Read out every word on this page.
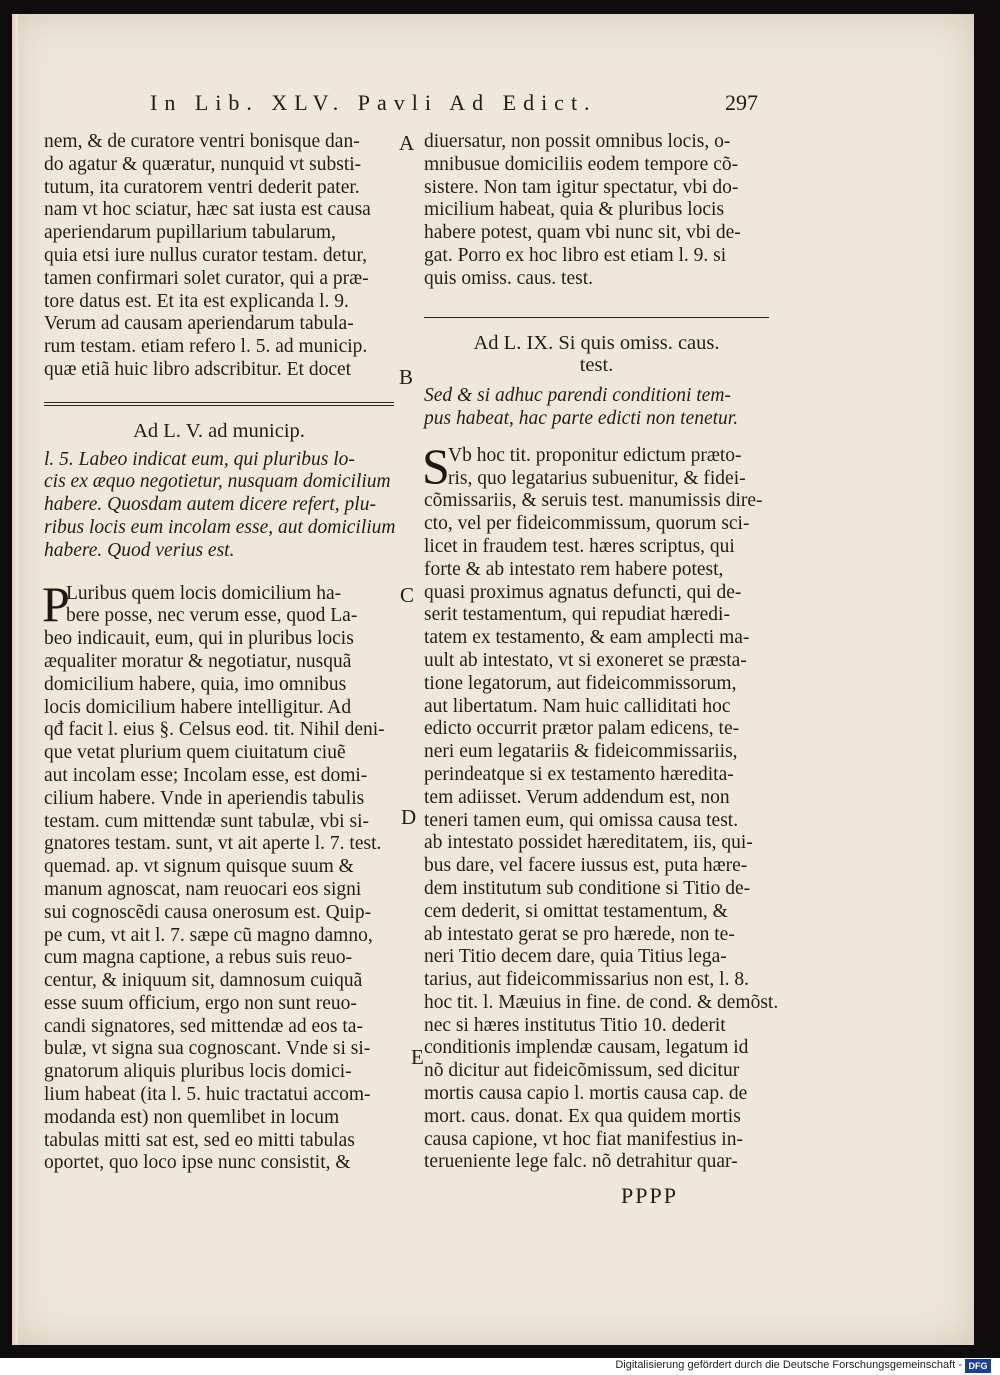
In Lib. XLV. Pavli Ad Edict.	297
nem, & de curatore ventri bonisque dan-
do agatur & quæratur, nunquid vt substi-
tutum, ita curatorem ventri dederit pater.
nam vt hoc sciatur, hæc sat iusta est causa
aperiendarum pupillarium tabularum,
quia etsi iure nullus curator testam. detur,
tamen confirmari solet curator, qui a præ-
tore datus est. Et ita est explicanda l. 9.
Verum ad causam aperiendarum tabula-
rum testam. etiam refero l. 5. ad municip.
quæ etiã huic libro adscribitur. Et docet
Ad L. V. ad municip.
l. 5. Labeo indicat eum, qui pluribus lo-
cis ex æquo negotietur, nusquam domicilium
habere. Quosdam autem dicere refert, plu-
ribus locis eum incolam esse, aut domicilium
habere. Quod verius est.
P
Luribus quem locis domicilium ha-
bere posse, nec verum esse, quod La-
beo indicauit, eum, qui in pluribus locis
æqualiter moratur & negotiatur, nusquã
domicilium habere, quia, imo omnibus
locis domicilium habere intelligitur. Ad
qđ facit l. eius §. Celsus eod. tit. Nihil deni-
que vetat plurium quem ciuitatum ciuẽ
aut incolam esse; Incolam esse, est domi-
cilium habere. Vnde in aperiendis tabulis
testam. cum mittendæ sunt tabulæ, vbi si-
gnatores testam. sunt, vt ait aperte l. 7. test.
quemad. ap. vt signum quisque suum &
manum agnoscat, nam reuocari eos signi
sui cognoscẽdi causa onerosum est. Quip-
pe cum, vt ait l. 7. sæpe cũ magno damno,
cum magna captione, a rebus suis reuo-
centur, & iniquum sit, damnosum cuiquã
esse suum officium, ergo non sunt reuo-
candi signatores, sed mittendæ ad eos ta-
bulæ, vt signa sua cognoscant. Vnde si si-
gnatorum aliquis pluribus locis domici-
lium habeat (ita l. 5. huic tractatui accom-
modanda est) non quemlibet in locum
tabulas mitti sat est, sed eo mitti tabulas
oportet, quo loco ipse nunc consistit, &
diuersatur, non possit omnibus locis, o-
mnibusue domiciliis eodem tempore cõ-
sistere. Non tam igitur spectatur, vbi do-
micilium habeat, quia & pluribus locis
habere potest, quam vbi nunc sit, vbi de-
gat. Porro ex hoc libro est etiam l. 9. si
quis omiss. caus. test.
Ad L. IX. Si quis omiss. caus.
test.
Sed & si adhuc parendi conditioni tem-
pus habeat, hac parte edicti non tenetur.
S
Vb hoc tit. proponitur edictum præto-
ris, quo legatarius subuenitur, & fidei-
cõmissariis, & seruis test. manumissis dire-
cto, vel per fideicommissum, quorum sci-
licet in fraudem test. hæres scriptus, qui
forte & ab intestato rem habere potest,
quasi proximus agnatus defuncti, qui de-
serit testamentum, qui repudiat hæredi-
tatem ex testamento, & eam amplecti ma-
uult ab intestato, vt si exoneret se præsta-
tione legatorum, aut fideicommissorum,
aut libertatum. Nam huic calliditati hoc
edicto occurrit prætor palam edicens, te-
neri eum legatariis & fideicommissariis,
perindeatque si ex testamento hæredita-
tem adiisset. Verum addendum est, non
teneri tamen eum, qui omissa causa test.
ab intestato possidet hæreditatem, iis, qui-
bus dare, vel facere iussus est, puta hære-
dem institutum sub conditione si Titio de-
cem dederit, si omittat testamentum, &
ab intestato gerat se pro hærede, non te-
neri Titio decem dare, quia Titius lega-
tarius, aut fideicommissarius non est, l. 8.
hoc tit. l. Mæuius in fine. de cond. & demõst.
nec si hæres institutus Titio 10. dederit
conditionis implendæ causam, legatum id
nõ dicitur aut fideicõmissum, sed dicitur
mortis causa capio l. mortis causa cap. de
mort. caus. donat. Ex qua quidem mortis
causa capione, vt hoc fiat manifestius in-
terueniente lege falc. nõ detrahitur quar-
A
B
C
D
E
PPPP
Digitalisierung gefördert durch die Deutsche Forschungsgemeinschaft - DFG
